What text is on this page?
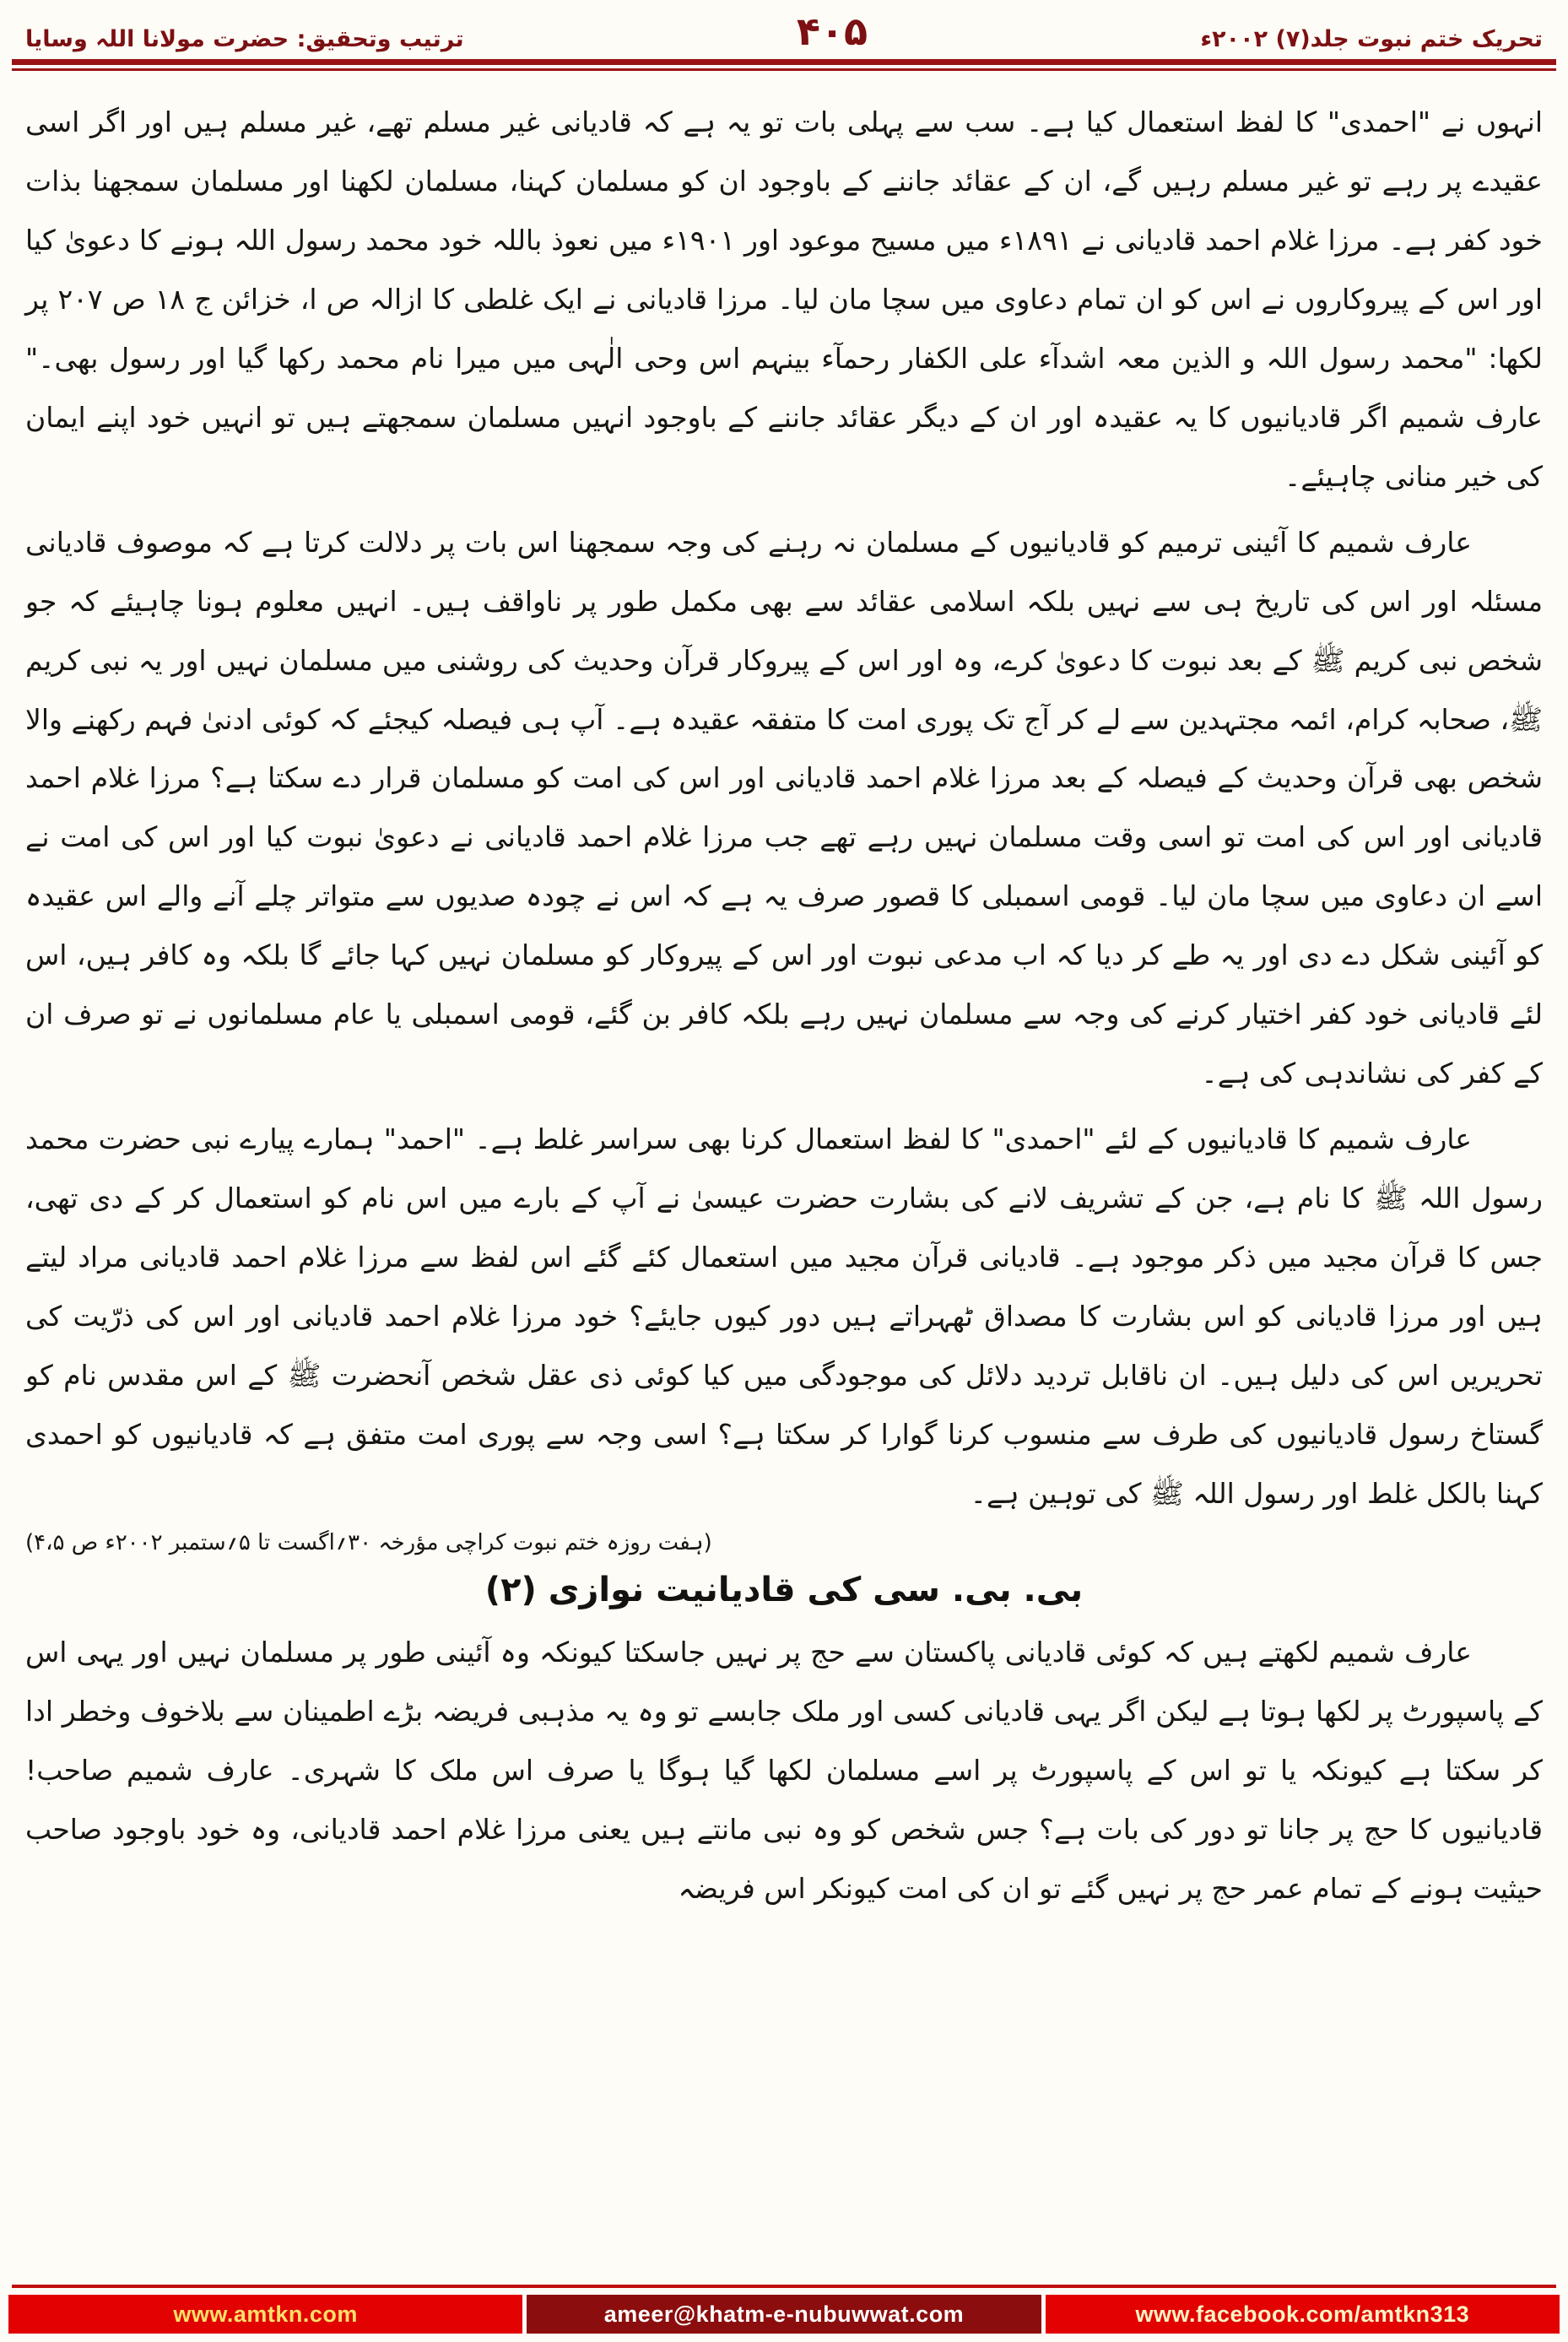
تحریک ختم نبوت جلد(۷) ۲۰۰۲ء
۴۰۵
ترتیب وتحقیق: حضرت مولانا اللہ وسایا

انہوں نے "احمدی" کا لفظ استعمال کیا ہے۔ سب سے پہلی بات تو یہ ہے کہ قادیانی غیر مسلم تھے، غیر مسلم ہیں اور اگر اسی عقیدے پر رہے تو غیر مسلم رہیں گے، ان کے عقائد جاننے کے باوجود ان کو مسلمان کہنا، مسلمان لکھنا اور مسلمان سمجھنا بذات خود کفر ہے۔ مرزا غلام احمد قادیانی نے ۱۸۹۱ء میں مسیح موعود اور ۱۹۰۱ء میں نعوذ باللہ خود محمد رسول اللہ ہونے کا دعویٰ کیا اور اس کے پیروکاروں نے اس کو ان تمام دعاوی میں سچا مان لیا۔ مرزا قادیانی نے ایک غلطی کا ازالہ ص ا، خزائن ج ۱۸ ص ۲۰۷ پر لکھا: "محمد رسول اللہ و الذین معہ اشدآء علی الکفار رحمآء بینہم اس وحی الٰہی میں میرا نام محمد رکھا گیا اور رسول بھی۔" عارف شمیم اگر قادیانیوں کا یہ عقیدہ اور ان کے دیگر عقائد جاننے کے باوجود انہیں مسلمان سمجھتے ہیں تو انہیں خود اپنے ایمان کی خیر منانی چاہیئے۔

عارف شمیم کا آئینی ترمیم کو قادیانیوں کے مسلمان نہ رہنے کی وجہ سمجھنا اس بات پر دلالت کرتا ہے کہ موصوف قادیانی مسئلہ اور اس کی تاریخ ہی سے نہیں بلکہ اسلامی عقائد سے بھی مکمل طور پر ناواقف ہیں۔ انہیں معلوم ہونا چاہیئے کہ جو شخص نبی کریم ﷺ کے بعد نبوت کا دعویٰ کرے، وہ اور اس کے پیروکار قرآن وحدیث کی روشنی میں مسلمان نہیں اور یہ نبی کریم ﷺ، صحابہ کرام، ائمہ مجتہدین سے لے کر آج تک پوری امت کا متفقہ عقیدہ ہے۔ آپ ہی فیصلہ کیجئے کہ کوئی ادنیٰ فہم رکھنے والا شخص بھی قرآن وحدیث کے فیصلہ کے بعد مرزا غلام احمد قادیانی اور اس کی امت کو مسلمان قرار دے سکتا ہے؟ مرزا غلام احمد قادیانی اور اس کی امت تو اسی وقت مسلمان نہیں رہے تھے جب مرزا غلام احمد قادیانی نے دعویٰ نبوت کیا اور اس کی امت نے اسے ان دعاوی میں سچا مان لیا۔ قومی اسمبلی کا قصور صرف یہ ہے کہ اس نے چودہ صدیوں سے متواتر چلے آنے والے اس عقیدہ کو آئینی شکل دے دی اور یہ طے کر دیا کہ اب مدعی نبوت اور اس کے پیروکار کو مسلمان نہیں کہا جائے گا بلکہ وہ کافر ہیں، اس لئے قادیانی خود کفر اختیار کرنے کی وجہ سے مسلمان نہیں رہے بلکہ کافر بن گئے، قومی اسمبلی یا عام مسلمانوں نے تو صرف ان کے کفر کی نشاندہی کی ہے۔

عارف شمیم کا قادیانیوں کے لئے "احمدی" کا لفظ استعمال کرنا بھی سراسر غلط ہے۔ "احمد" ہمارے پیارے نبی حضرت محمد رسول اللہ ﷺ کا نام ہے، جن کے تشریف لانے کی بشارت حضرت عیسیٰ نے آپ کے بارے میں اس نام کو استعمال کر کے دی تھی، جس کا قرآن مجید میں ذکر موجود ہے۔ قادیانی قرآن مجید میں استعمال کئے گئے اس لفظ سے مرزا غلام احمد قادیانی مراد لیتے ہیں اور مرزا قادیانی کو اس بشارت کا مصداق ٹھہراتے ہیں دور کیوں جایئے؟ خود مرزا غلام احمد قادیانی اور اس کی ذرّیت کی تحریریں اس کی دلیل ہیں۔ ان ناقابل تردید دلائل کی موجودگی میں کیا کوئی ذی عقل شخص آنحضرت ﷺ کے اس مقدس نام کو گستاخ رسول قادیانیوں کی طرف سے منسوب کرنا گوارا کر سکتا ہے؟ اسی وجہ سے پوری امت متفق ہے کہ قادیانیوں کو احمدی کہنا بالکل غلط اور رسول اللہ ﷺ کی توہین ہے۔

(ہفت روزہ ختم نبوت کراچی مؤرخہ ۳۰؍اگست تا ۵؍ستمبر ۲۰۰۲ء ص ۴،۵)
بی. بی. سی کی قادیانیت نوازی (۲)

عارف شمیم لکھتے ہیں کہ کوئی قادیانی پاکستان سے حج پر نہیں جاسکتا کیونکہ وہ آئینی طور پر مسلمان نہیں اور یہی اس کے پاسپورٹ پر لکھا ہوتا ہے لیکن اگر یہی قادیانی کسی اور ملک جابسے تو وہ یہ مذہبی فریضہ بڑے اطمینان سے بلاخوف وخطر ادا کر سکتا ہے کیونکہ یا تو اس کے پاسپورٹ پر اسے مسلمان لکھا گیا ہوگا یا صرف اس ملک کا شہری۔ عارف شمیم صاحب! قادیانیوں کا حج پر جانا تو دور کی بات ہے؟ جس شخص کو وہ نبی مانتے ہیں یعنی مرزا غلام احمد قادیانی، وہ خود باوجود صاحب حیثیت ہونے کے تمام عمر حج پر نہیں گئے تو ان کی امت کیونکر اس فریضہ

www.amtkn.com	ameer@khatm-e-nubuwwat.com	www.facebook.com/amtkn313
